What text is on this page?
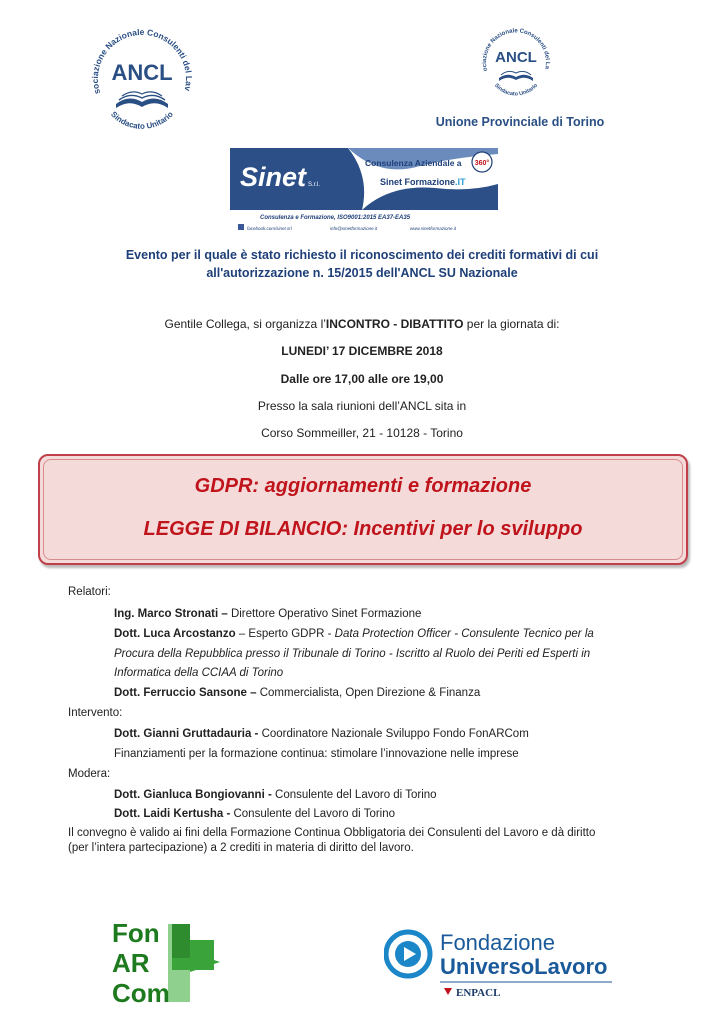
sociazione Nazionale Consulenti del Lav
ANCL
Sindacato Unitario
ociazione Nazionale Consulenti del La
ANCL
Sindacato Unitario
Unione Provinciale di Torino
Sinet S.r.l.
Consulenza Aziendale a 360°
Sinet Formazione.IT
Consulenza e Formazione, ISO9001:2015 EA37-EA35
facebook.com/sinet.srl	info@sinetformazione.it	www.sinetformazione.it
Evento per il quale è stato richiesto il riconoscimento dei crediti formativi di cui
all'autorizzazione n. 15/2015 dell'ANCL SU Nazionale
Gentile Collega, si organizza l’INCONTRO - DIBATTITO per la giornata di:
LUNEDI’ 17 DICEMBRE 2018
Dalle ore 17,00 alle ore 19,00
Presso la sala riunioni dell’ANCL sita in
Corso Sommeiller, 21 - 10128 - Torino
GDPR: aggiornamenti e formazione
LEGGE DI BILANCIO: Incentivi per lo sviluppo
Relatori:
Ing. Marco Stronati – Direttore Operativo Sinet Formazione
Dott. Luca Arcostanzo – Esperto GDPR - Data Protection Officer - Consulente Tecnico per la
Procura della Repubblica presso il Tribunale di Torino - Iscritto al Ruolo dei Periti ed Esperti in
Informatica della CCIAA di Torino
Dott. Ferruccio Sansone – Commercialista, Open Direzione & Finanza
Intervento:
Dott. Gianni Gruttadauria - Coordinatore Nazionale Sviluppo Fondo FonARCom
Finanziamenti per la formazione continua: stimolare l’innovazione nelle imprese
Modera:
Dott. Gianluca Bongiovanni - Consulente del Lavoro di Torino
Dott. Laidi Kertusha - Consulente del Lavoro di Torino
Il convegno è valido ai fini della Formazione Continua Obbligatoria dei Consulenti del Lavoro e dà diritto
(per l’intera partecipazione) a 2 crediti in materia di diritto del lavoro.
Fon
AR
Com
Fondazione
UniversoLavoro
ENPACL
